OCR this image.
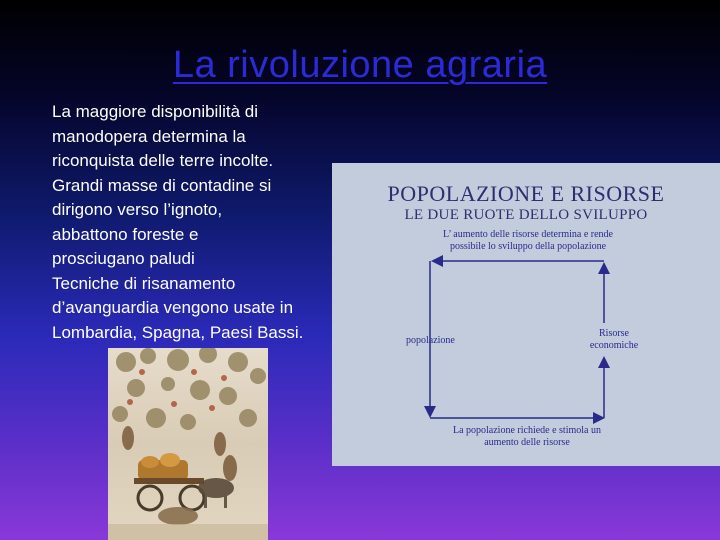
La rivoluzione agraria
La maggiore disponibilità di
manodopera determina la
riconquista delle terre incolte.
Grandi masse di contadine si
dirigono verso l’ignoto,
abbattono foreste e
prosciugano paludi
Tecniche di risanamento
d’avanguardia vengono usate in
Lombardia, Spagna, Paesi Bassi.
POPOLAZIONE E RISORSE
LE DUE RUOTE DELLO SVILUPPO
L’ aumento delle risorse determina e rende
possibile lo sviluppo della popolazione
popolazione
Risorse
economiche
La popolazione richiede e stimola un
aumento delle risorse
